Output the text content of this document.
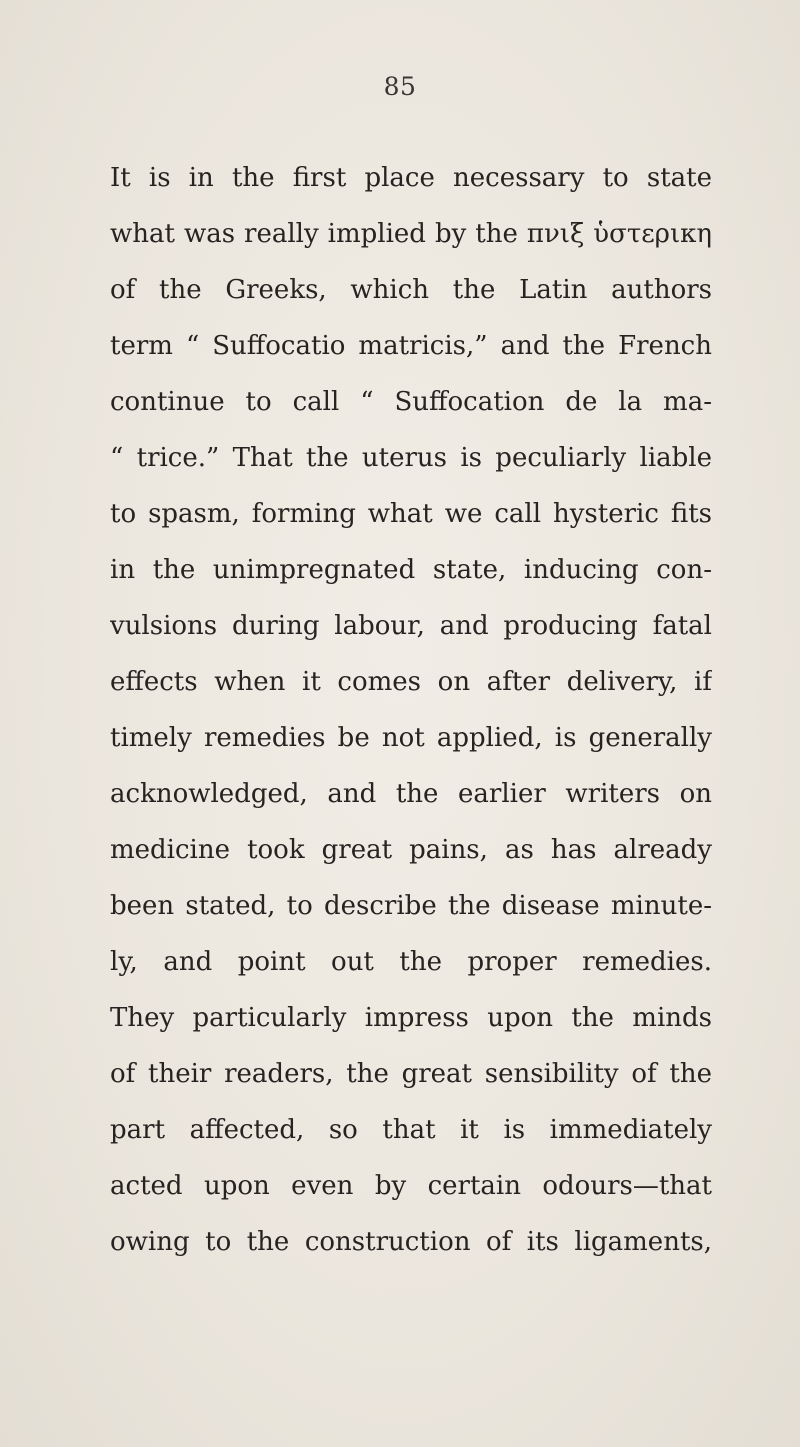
85
It is in the first place necessary to state
what was really implied by the πνιξ ὑστερικη
of the Greeks, which the Latin authors
term “ Suffocatio matricis,” and the French
continue to call “ Suffocation de la ma-
“ trice.” That the uterus is peculiarly liable
to spasm, forming what we call hysteric fits
in the unimpregnated state, inducing con-
vulsions during labour, and producing fatal
effects when it comes on after delivery, if
timely remedies be not applied, is generally
acknowledged, and the earlier writers on
medicine took great pains, as has already
been stated, to describe the disease minute-
ly, and point out the proper remedies.
They particularly impress upon the minds
of their readers, the great sensibility of the
part affected, so that it is immediately
acted upon even by certain odours—that
owing to the construction of its ligaments,
